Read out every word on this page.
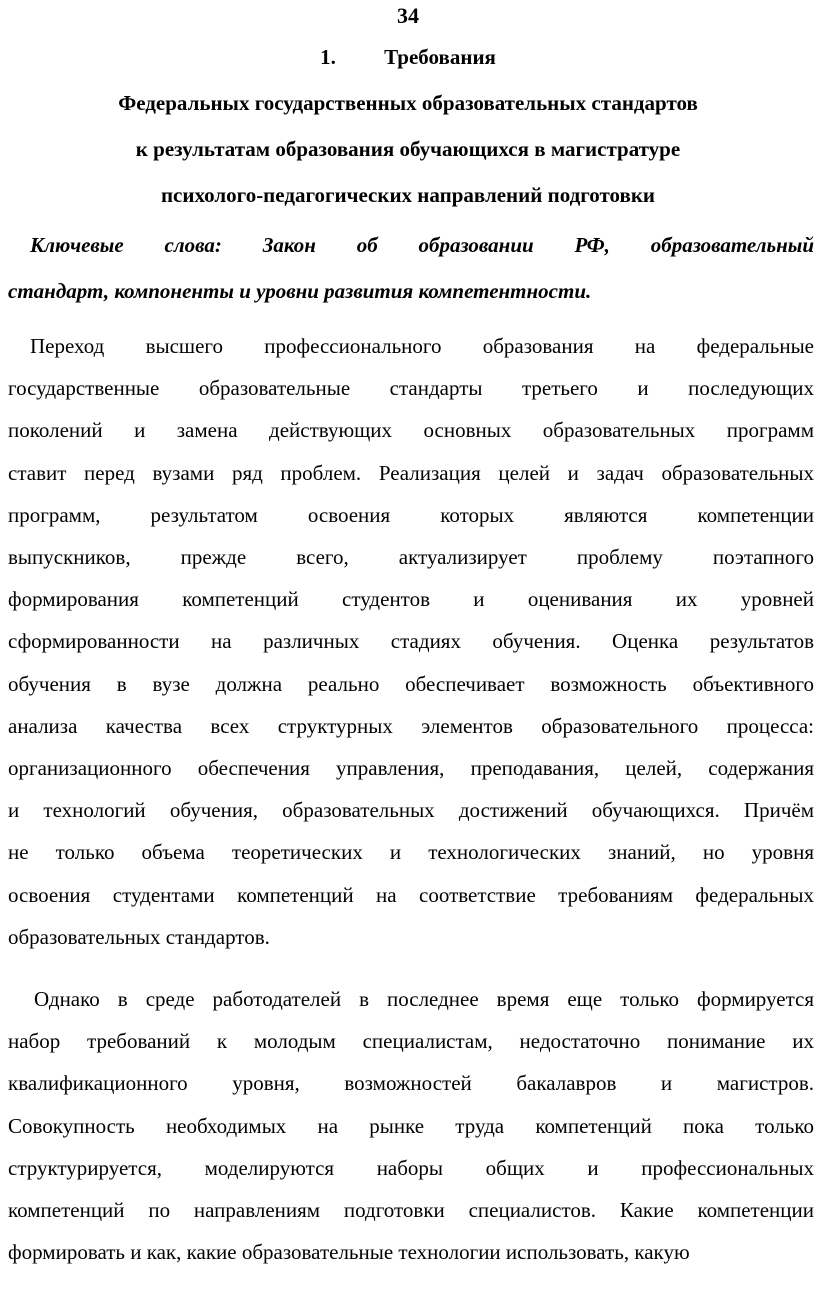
34
1. Требования
Федеральных государственных образовательных стандартов
к результатам образования обучающихся в магистратуре
психолого-педагогических направлений подготовки
Ключевые слова: Закон об образовании РФ, образовательный
стандарт, компоненты и уровни развития компетентности.
Переход высшего профессионального образования на федеральные
государственные образовательные стандарты третьего и последующих
поколений и замена действующих основных образовательных программ
ставит перед вузами ряд проблем. Реализация целей и задач образовательных
программ, результатом освоения которых являются компетенции
выпускников, прежде всего, актуализирует проблему поэтапного
формирования компетенций студентов и оценивания их уровней
сформированности на различных стадиях обучения. Оценка результатов
обучения в вузе должна реально обеспечивает возможность объективного
анализа качества всех структурных элементов образовательного процесса:
организационного обеспечения управления, преподавания, целей, содержания
и технологий обучения, образовательных достижений обучающихся. Причём
не только объема теоретических и технологических знаний, но уровня
освоения студентами компетенций на соответствие требованиям федеральных
образовательных стандартов.
Однако в среде работодателей в последнее время еще только формируется
набор требований к молодым специалистам, недостаточно понимание их
квалификационного уровня, возможностей бакалавров и магистров.
Совокупность необходимых на рынке труда компетенций пока только
структурируется, моделируются наборы общих и профессиональных
компетенций по направлениям подготовки специалистов. Какие компетенции
формировать и как, какие образовательные технологии использовать, какую
